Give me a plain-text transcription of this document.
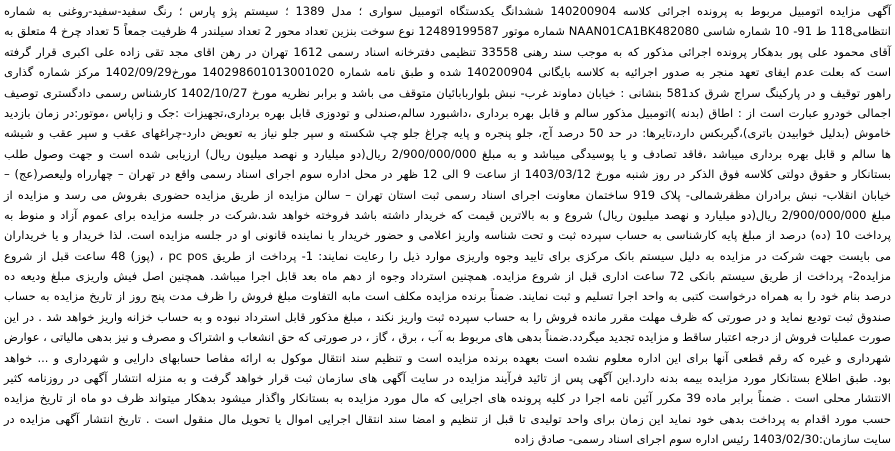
آگهی مزایده اتومبیل مربوط به پرونده اجرائی کلاسه 140200904 ششدانگ یکدستگاه اتومبیل سواری ؛ مدل 1389 ؛ سیستم پژو پارس ؛ رنگ سفید-سفید-روغنی به شماره
انتظامی118 ط 91- 10 شماره شاسی NAAN01CA1BK482080 شماره موتور 12489199587 نوع سوخت بنزین تعداد محور 2 تعداد سیلندر 4 ظرفیت جمعاً 5 تعداد چرخ 4 متعلق به
آقای محمود علی پور بدهکار پرونده اجرائی مذکور که به موجب سند رهنی 33558 تنظیمی دفترخانه اسناد رسمی 1612 تهران در رهن اقای مجد تقی زاده علی اکبری قرار گرفته
است که بعلت عدم ایفای تعهد منجر به صدور اجرائیه به کلاسه بایگانی 140200904 شده و طبق نامه شماره 140298601013001020 مورخ1402/09/29 مرکز شماره گذاری
راهور توقیف و در پارکینگ سراج شرق کد581 بنشانی : خیابان دماوند غرب- نبش بلواربابائیان متوقف می باشد و برابر نظریه مورخ 1402/10/27 کارشناس رسمی دادگستری توصیف
اجمالی خودرو عبارت است از : اطاق (بدنه )اتومبیل مذکور سالم و قابل بهره برداری ،داشبورد سالم،صندلی و تودوزی قابل بهره برداری،تجهیزات :جک و زاپاس ،موتور:در زمان بازدید
خاموش (بدلیل خوابیدن باتری)،گیربکس دارد،تایرها: در حد 50 درصد آج، جلو پنجره و پایه چراغ جلو چپ شکسته و سپر جلو نیاز به تعویض دارد-چراغهای عقب و سپر عقب و شیشه
ها سالم و قابل بهره برداری میباشد ،فاقد تصادف و یا پوسیدگی میباشد و به مبلغ 2/900/000/000 ریال(دو میلیارد و نهصد میلیون ریال) ارزیابی شده است و جهت وصول طلب
بستانکار و حقوق دولتی کلاسه فوق الذکر در روز شنبه مورخ 1403/03/12 از ساعت 9 الی 12 ظهر در محل اداره سوم اجرای اسناد رسمی واقع در تهران – چهارراه ولیعصر(عج) –
خیابان انقلاب- نبش برادران مظفرشمالی- پلاک 919 ساختمان معاونت اجرای اسناد رسمی ثبت استان تهران – سالن مزایده از طریق مزایده حضوری بفروش می رسد و مزایده از
مبلغ 2/900/000/000 ریال(دو میلیارد و نهصد میلیون ریال) شروع و به بالاترین قیمت که خریدار داشته باشد فروخته خواهد شد.شرکت در جلسه مزایده برای عموم آزاد و منوط به
پرداخت 10 (ده) درصد از مبلغ پایه کارشناسی به حساب سپرده ثبت و تحت شناسه واریز اعلامی و حضور خریدار یا نماینده قانونی او در جلسه مزایده است. لذا خریدار و یا خریداران
می بایست جهت شرکت در مزایده به دلیل سیستم بانک مرکزی برای تایید وجوه واریزی موارد ذیل را رعایت نمایند: 1- پرداخت از طریق pc pos ، (پوز) 48 ساعت قبل از شروع
مزایده2- پرداخت از طریق سیستم بانکی 72 ساعت اداری قبل از شروع مزایده. همچنین استرداد وجوه از دهم ماه بعد قابل اجرا میباشد. همچنین اصل فیش واریزی مبلغ ودیعه ده
درصد بنام خود را به همراه درخواست کتبی به واحد اجرا تسلیم و ثبت نمایند. ضمناً برنده مزایده مکلف است مابه التفاوت مبلغ فروش را ظرف مدت پنج روز از تاریخ مزایده به حساب
صندوق ثبت تودیع نماید و در صورتی که ظرف مهلت مقرر مانده فروش را به حساب سپرده ثبت واریز نکند ، مبلغ مذکور قابل استرداد نبوده و به حساب خزانه واریز خواهد شد . در این
صورت عملیات فروش از درجه اعتبار ساقط و مزایده تجدید میگردد.ضمناً بدهی های مربوط به آب ، برق ، گاز ، در صورتی که حق انشعاب و اشتراک و مصرف و نیز بدهی مالیاتی ، عوارض
شهرداری و غیره که رقم قطعی آنها برای این اداره معلوم نشده است بعهده برنده مزایده است و تنظیم سند انتقال موکول به ارائه مفاصا حسابهای دارایی و شهرداری و ... خواهد
بود. طبق اطلاع بستانکار مورد مزایده بیمه بدنه دارد.این آگهی پس از تائید فرآیند مزایده در سایت آگهی های سازمان ثبت قرار خواهد گرفت و به منزله انتشار آگهی در روزنامه کثیر
الانتشار محلی است . ضمناً برابر ماده 39 مکرر آئین نامه اجرا در کلیه پرونده های اجرایی که مال مورد مزایده به بستانکار واگذار میشود بدهکار میتواند ظرف دو ماه از تاریخ مزایده
حسب مورد اقدام به پرداخت بدهی خود نماید این زمان برای واحد تولیدی تا قبل از تنظیم و امضا سند انتقال اجرایی اموال یا تحویل مال منقول است . تاریخ انتشار آگهی مزایده در
سایت سازمان:1403/02/30 رئیس اداره سوم اجرای اسناد رسمی- صادق زاده
